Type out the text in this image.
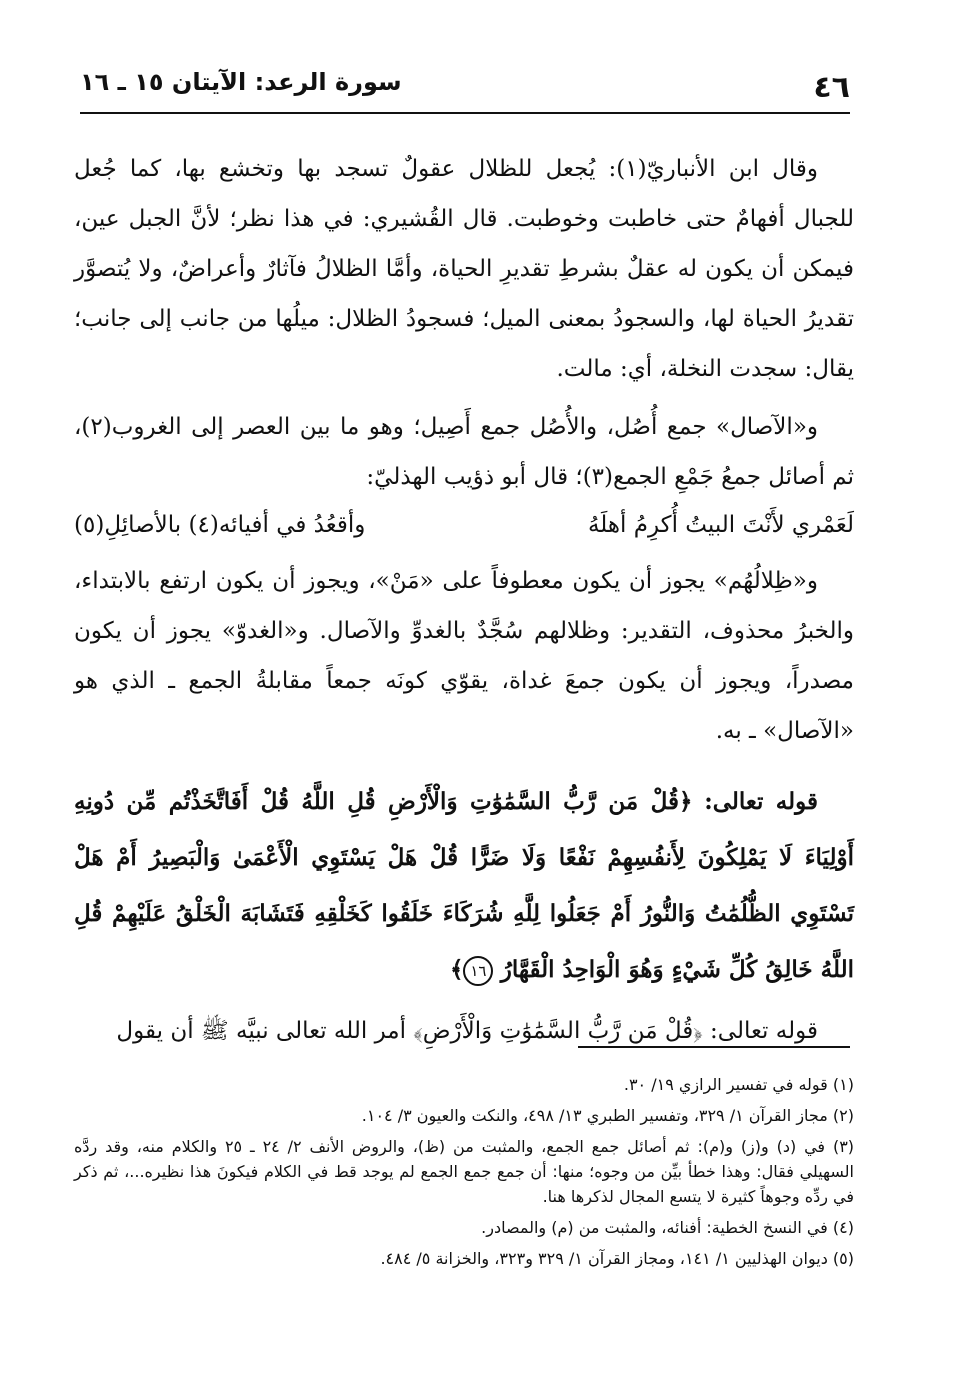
٤٦
سورة الرعد: الآيتان ١٥ ـ ١٦

وقال ابن الأنباريّ(١): يُجعل للظلال عقولٌ تسجد بها وتخشع بها، كما جُعل للجبال أفهامٌ حتى خاطبت وخوطبت. قال القُشيري: في هذا نظر؛ لأنَّ الجبل عين، فيمكن أن يكون له عقلٌ بشرطِ تقديرِ الحياة، وأمَّا الظلالُ فآثارٌ وأعراضٌ، ولا يُتصوَّر تقديرُ الحياة لها، والسجودُ بمعنى الميل؛ فسجودُ الظلال: ميلُها من جانب إلى جانب؛ يقال: سجدت النخلة، أي: مالت.

و«الآصال» جمع أُصُل، والأُصُل جمع أَصِيل؛ وهو ما بين العصر إلى الغروب(٢)، ثم أصائل جمعُ جَمْعِ الجمع(٣)؛ قال أبو ذؤيب الهذليّ:

لَعَمْري لأَنْتَ البيتُ أُكرِمُ أهلَهُ
وأقعُدُ في أفيائه(٤) بالأصائِلِ(٥)

و«ظِلالُهُم» يجوز أن يكون معطوفاً على «مَنْ»، ويجوز أن يكون ارتفع بالابتداء، والخبرُ محذوف، التقدير: وظلالهم سُجَّدٌ بالغدوِّ والآصال. و«الغدوّ» يجوز أن يكون مصدراً، ويجوز أن يكون جمعَ غداة، يقوّي كونَه جمعاً مقابلةُ الجمع ـ الذي هو «الآصال» ـ به.

قوله تعالى: ﴿قُلْ مَن رَّبُّ السَّمَٰوَٰتِ وَالْأَرْضِ قُلِ اللَّهُ قُلْ أَفَاتَّخَذْتُم مِّن دُونِهِ أَوْلِيَاءَ لَا يَمْلِكُونَ لِأَنفُسِهِمْ نَفْعًا وَلَا ضَرًّا قُلْ هَلْ يَسْتَوِي الْأَعْمَىٰ وَالْبَصِيرُ أَمْ هَلْ تَسْتَوِي الظُّلُمَٰتُ وَالنُّورُ أَمْ جَعَلُوا لِلَّهِ شُرَكَاءَ خَلَقُوا كَخَلْقِهِ فَتَشَابَهَ الْخَلْقُ عَلَيْهِمْ قُلِ اللَّهُ خَالِقُ كُلِّ شَيْءٍ وَهُوَ الْوَاحِدُ الْقَهَّارُ ١٦﴾

قوله تعالى: ﴿قُلْ مَن رَّبُّ السَّمَٰوَٰتِ وَالْأَرْضِ﴾ أمر الله تعالى نبيَّه ﷺ أن يقول

(١) قوله في تفسير الرازي ١٩/ ٣٠.

(٢) مجاز القرآن ١/ ٣٢٩، وتفسير الطبري ١٣/ ٤٩٨، والنكت والعيون ٣/ ١٠٤.

(٣) في (د) و(ز) و(م): ثم أصائل جمع الجمع، والمثبت من (ظ)، والروض الأنف ٢/ ٢٤ ـ ٢٥ والكلام منه، وقد ردَّه السهيلي فقال: وهذا خطأ بيِّن من وجوه؛ منها: أن جمع جمع الجمع لم يوجد قط في الكلام فيكونَ هذا نظيره...، ثم ذكر في ردِّه وجوهاً كثيرة لا يتسع المجال لذكرها هنا.

(٤) في النسخ الخطية: أفنائه، والمثبت من (م) والمصادر.

(٥) ديوان الهذليين ١/ ١٤١، ومجاز القرآن ١/ ٣٢٩ و٣٢٣، والخزانة ٥/ ٤٨٤.
